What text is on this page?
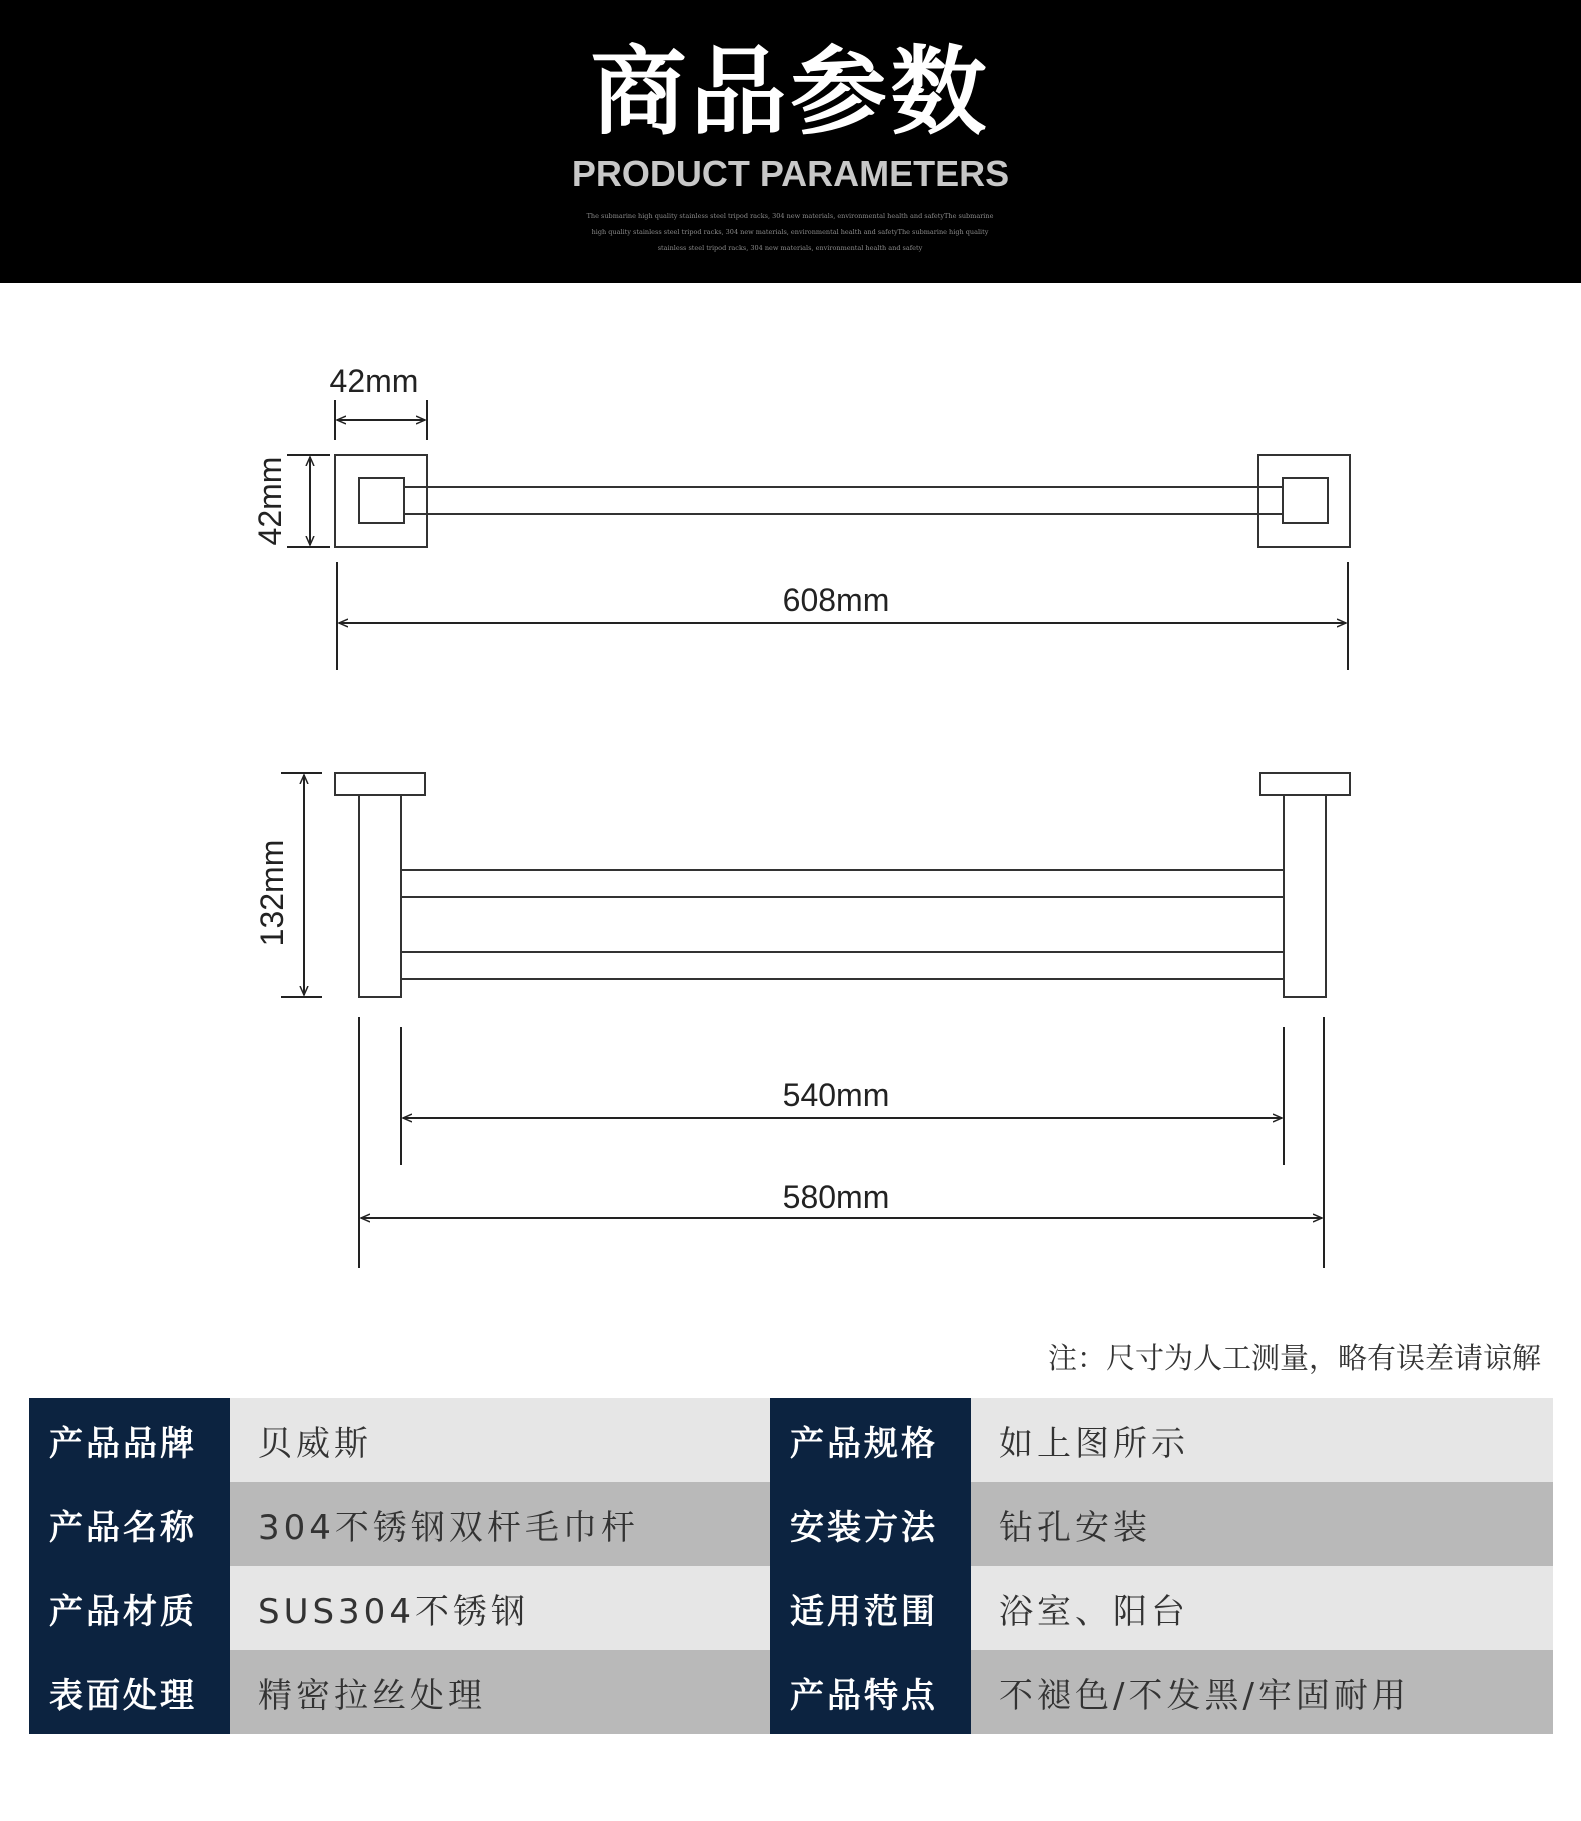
商品参数
PRODUCT PARAMETERS
The submarine high quality stainless steel tripod racks, 304 new materials, environmental health and safetyThe submarine
high quality stainless steel tripod racks, 304 new materials, environmental health and safetyThe submarine high quality
stainless steel tripod racks, 304 new materials, environmental health and safety
42mm
42mm
608mm
132mm
540mm
580mm
注：尺寸为人工测量，略有误差请谅解
产品品牌	贝威斯	产品规格	如上图所示
产品名称	304不锈钢双杆毛巾杆	安装方法	钻孔安装
产品材质	SUS304不锈钢	适用范围	浴室、阳台
表面处理	精密拉丝处理	产品特点	不褪色/不发黑/牢固耐用
